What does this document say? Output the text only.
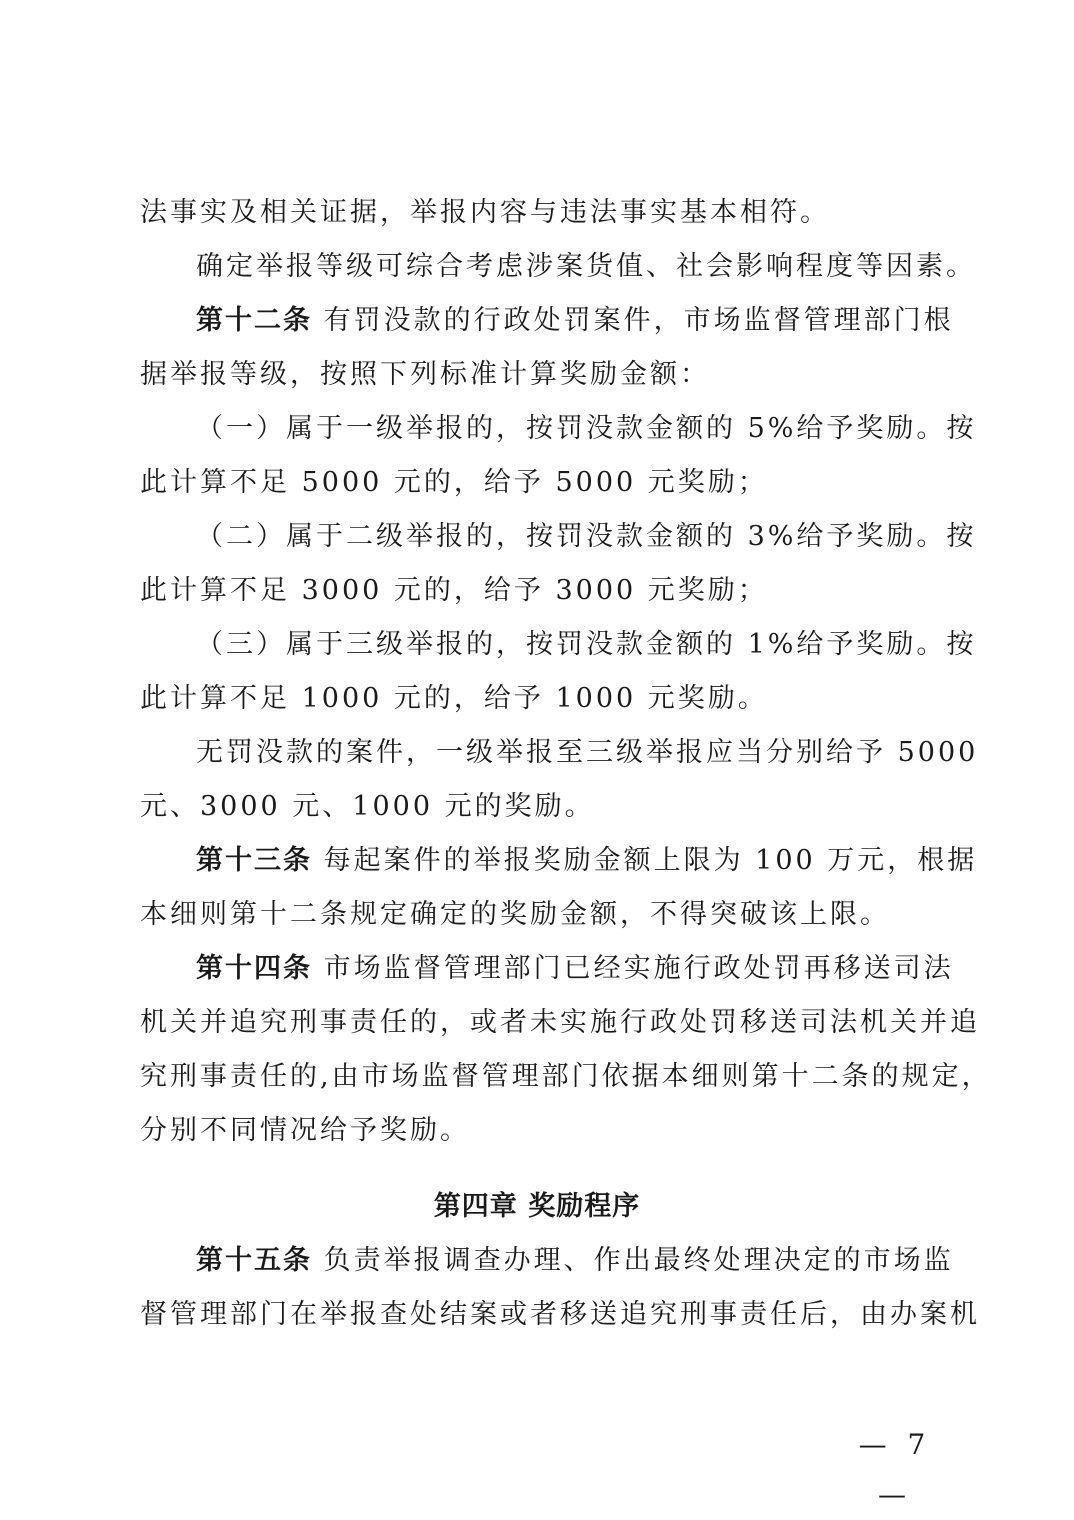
法事实及相关证据，举报内容与违法事实基本相符。
确定举报等级可综合考虑涉案货值、社会影响程度等因素。
第十二条 有罚没款的行政处罚案件，市场监督管理部门根
据举报等级，按照下列标准计算奖励金额：
（一）属于一级举报的，按罚没款金额的 5%给予奖励。按
此计算不足 5000 元的，给予 5000 元奖励；
（二）属于二级举报的，按罚没款金额的 3%给予奖励。按
此计算不足 3000 元的，给予 3000 元奖励；
（三）属于三级举报的，按罚没款金额的 1%给予奖励。按
此计算不足 1000 元的，给予 1000 元奖励。
无罚没款的案件，一级举报至三级举报应当分别给予 5000
元、3000 元、1000 元的奖励。
第十三条 每起案件的举报奖励金额上限为 100 万元，根据
本细则第十二条规定确定的奖励金额，不得突破该上限。
第十四条 市场监督管理部门已经实施行政处罚再移送司法
机关并追究刑事责任的，或者未实施行政处罚移送司法机关并追
究刑事责任的,由市场监督管理部门依据本细则第十二条的规定，
分别不同情况给予奖励。
第四章 奖励程序
第十五条 负责举报调查办理、作出最终处理决定的市场监
督管理部门在举报查处结案或者移送追究刑事责任后，由办案机
— 7 —
